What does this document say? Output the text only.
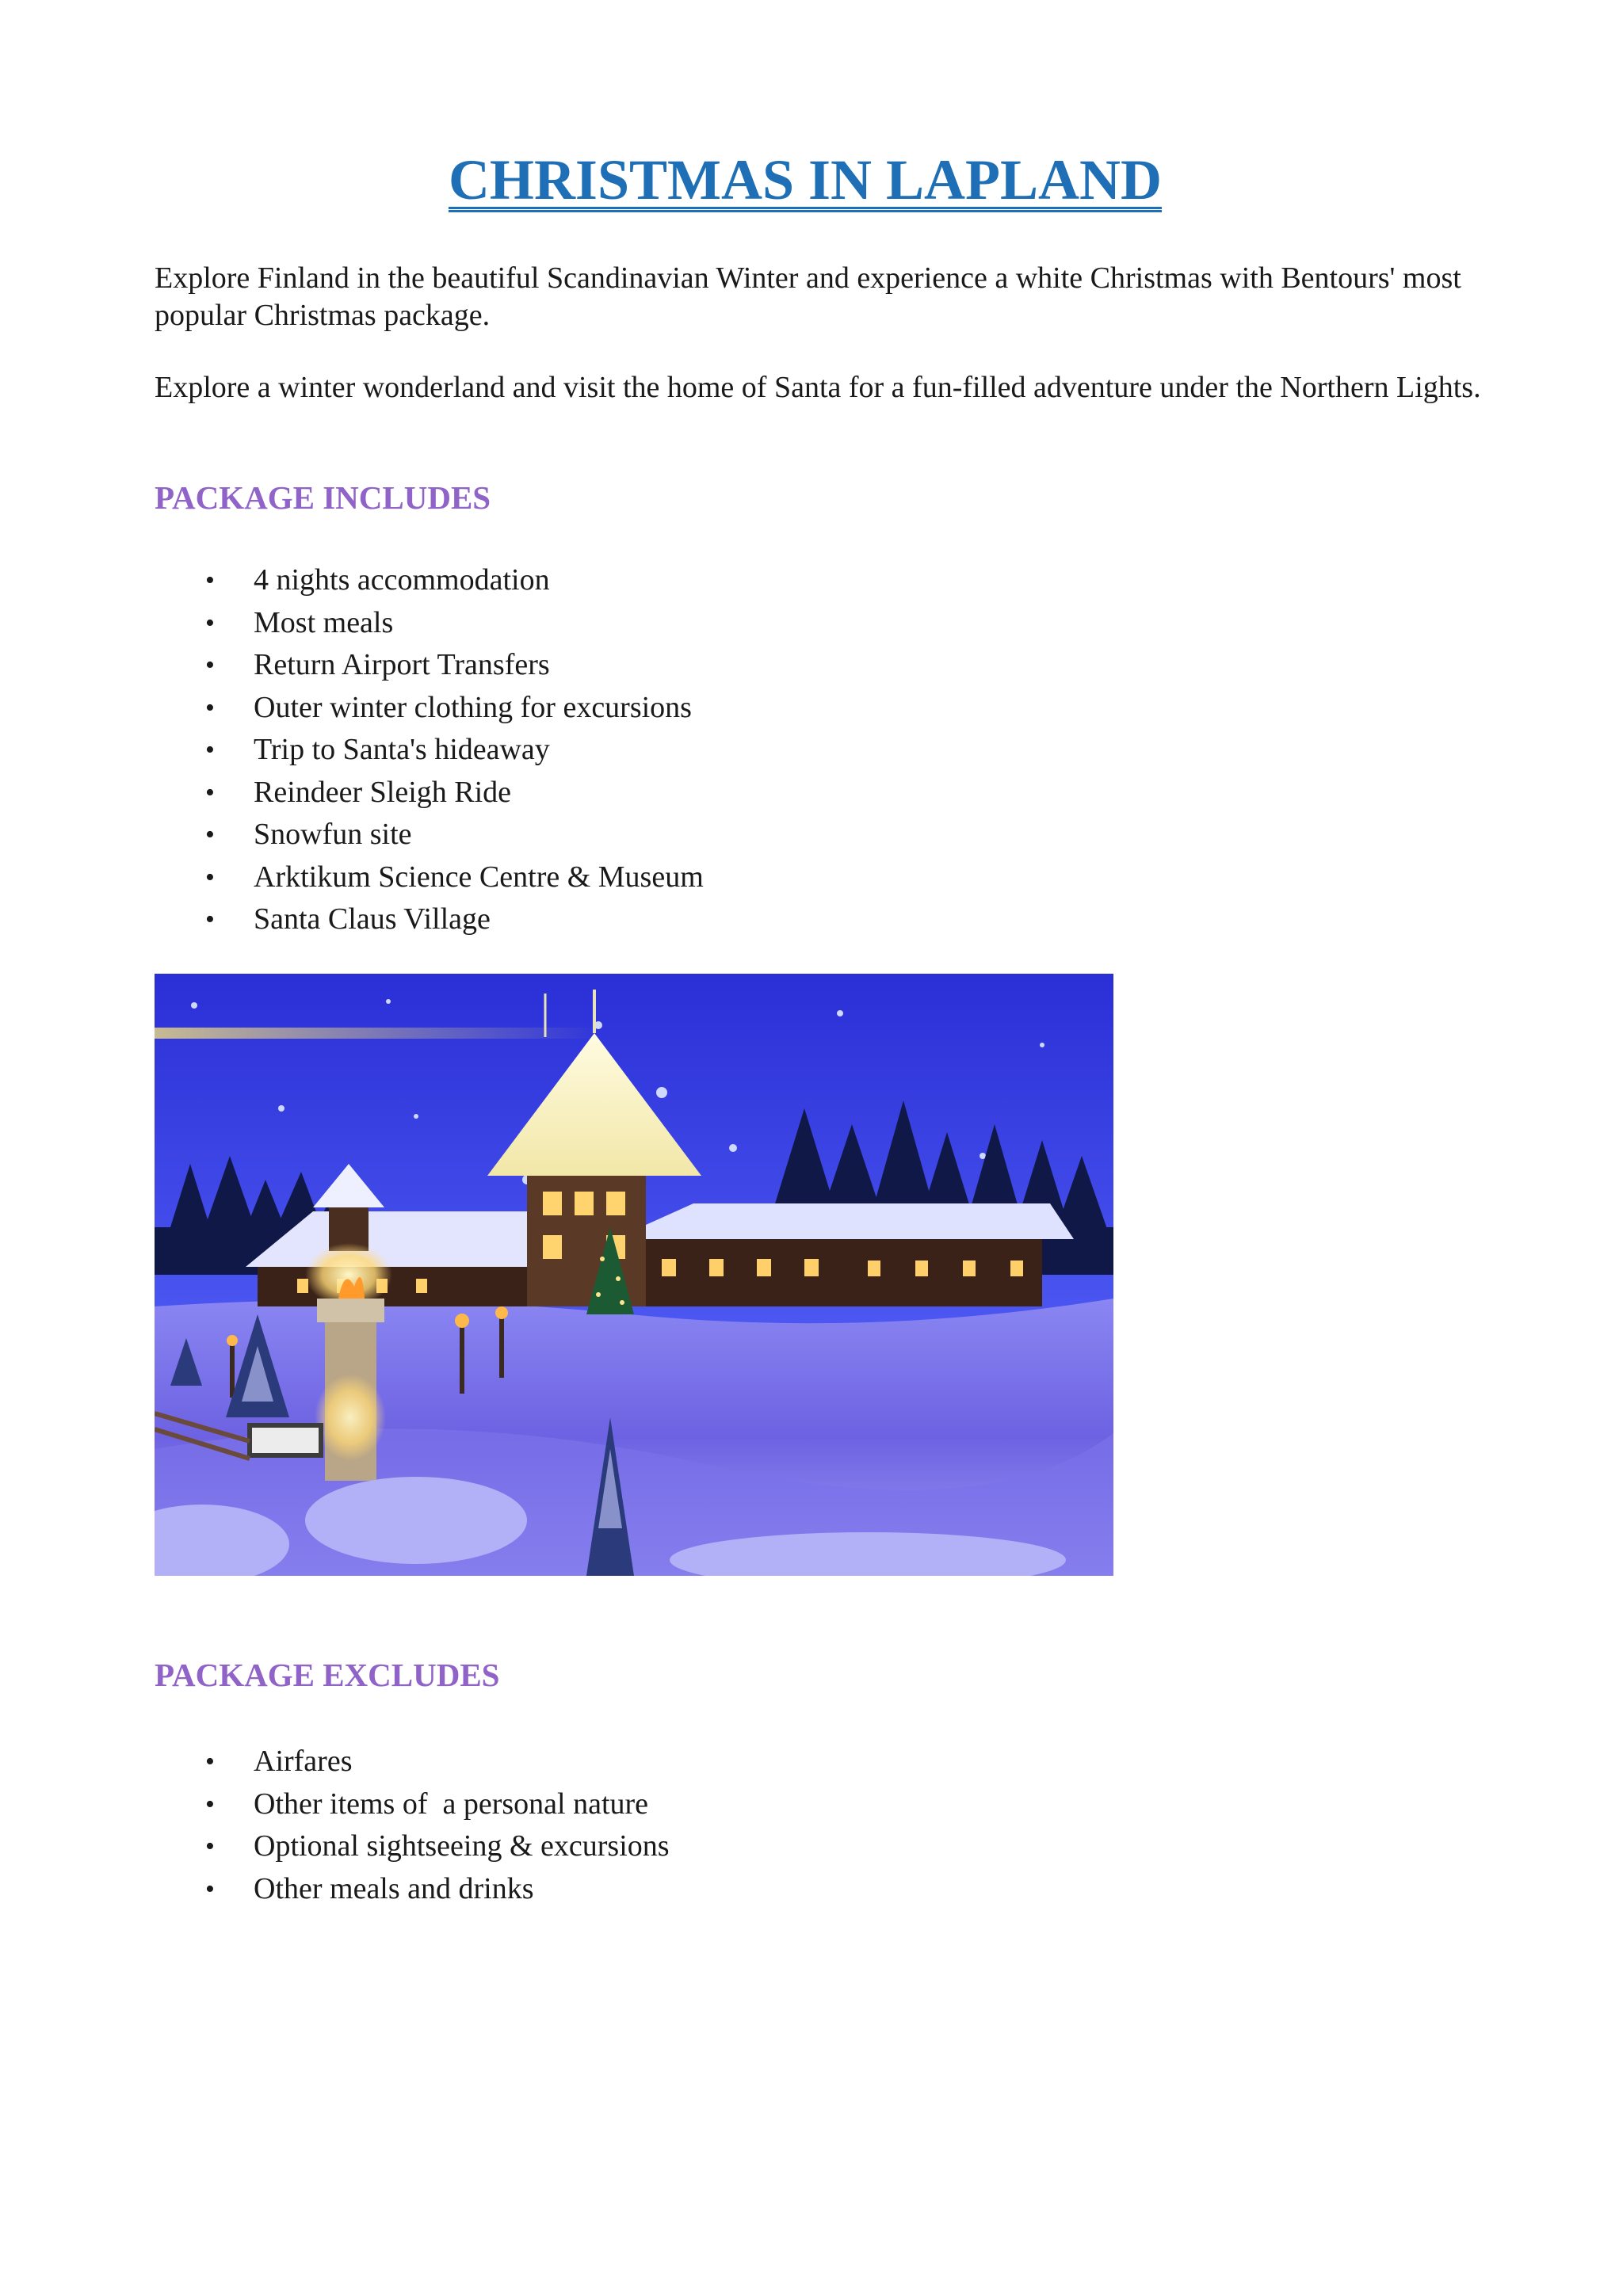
CHRISTMAS IN LAPLAND

Explore Finland in the beautiful Scandinavian Winter and experience a white Christmas with Bentours' most popular Christmas package.

Explore a winter wonderland and visit the home of Santa for a fun-filled adventure under the Northern Lights.

PACKAGE INCLUDES
• 4 nights accommodation
• Most meals
• Return Airport Transfers
• Outer winter clothing for excursions
• Trip to Santa's hideaway
• Reindeer Sleigh Ride
• Snowfun site
• Arktikum Science Centre & Museum
• Santa Claus Village
PACKAGE EXCLUDES
• Airfares
• Other items of  a personal nature
• Optional sightseeing & excursions
• Other meals and drinks
